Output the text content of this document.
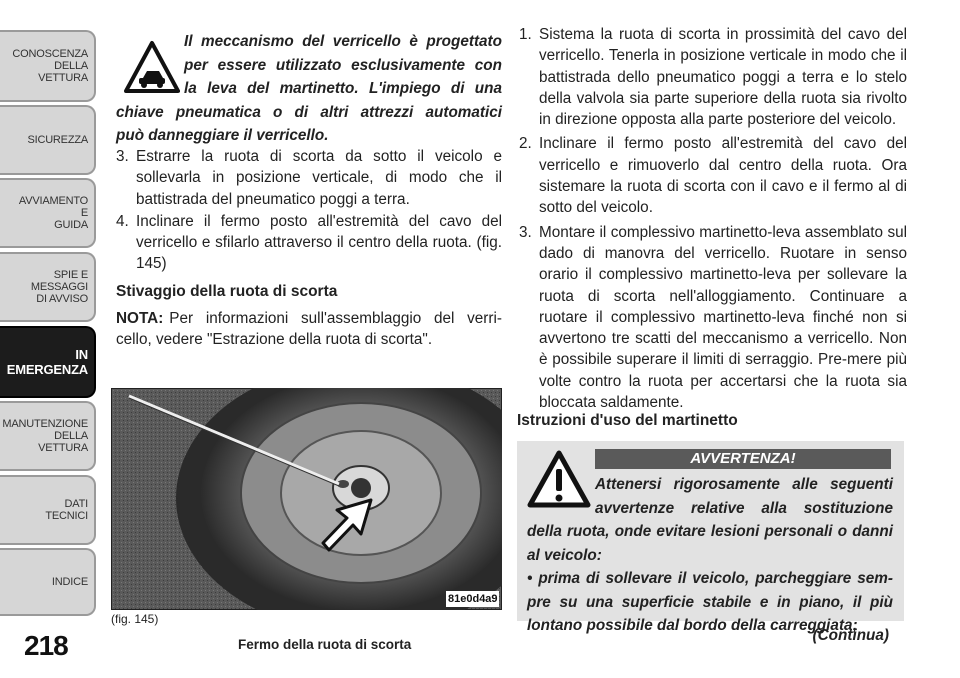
CONOSCENZA
DELLA
VETTURA
SICUREZZA
AVVIAMENTO
E
GUIDA
SPIE E
MESSAGGI
DI AVVISO
IN
EMERGENZA
MANUTENZIONE
DELLA
VETTURA
DATI
TECNICI
INDICE
218
Il meccanismo del verricello è progettato
per essere utilizzato esclusivamente con
la leva del martinetto. L'impiego di una
chiave pneumatica o di altri attrezzi automatici
può danneggiare il verricello.
3. Estrarre la ruota di scorta da sotto il veicolo e sollevarla in posizione verticale, di modo che il battistrada del pneumatico poggi a terra.
4. Inclinare il fermo posto all'estremità del cavo del verricello e sfilarlo attraverso il centro della ruota. (fig. 145)
Stivaggio della ruota di scorta
NOTA: Per informazioni sull'assemblaggio del verri-cello, vedere "Estrazione della ruota di scorta".
81e0d4a9
(fig. 145)
Fermo della ruota di scorta
1. Sistema la ruota di scorta in prossimità del cavo del verricello. Tenerla in posizione verticale in modo che il battistrada dello pneumatico poggi a terra e lo stelo della valvola sia parte superiore della ruota sia rivolto in direzione opposta alla parte posteriore del veicolo.
2. Inclinare il fermo posto all'estremità del cavo del verricello e rimuoverlo dal centro della ruota. Ora sistemare la ruota di scorta con il cavo e il fermo al di sotto del veicolo.
3. Montare il complessivo martinetto-leva assemblato sul dado di manovra del verricello. Ruotare in senso orario il complessivo martinetto-leva per sollevare la ruota di scorta nell'alloggiamento. Continuare a ruotare il complessivo martinetto-leva finché non si avvertono tre scatti del meccanismo a verricello. Non è possibile superare il limiti di serraggio. Pre-mere più volte contro la ruota per accertarsi che la ruota sia bloccata saldamente.
Istruzioni d'uso del martinetto
AVVERTENZA!
Attenersi rigorosamente alle seguenti
avvertenze relative alla sostituzione
della ruota, onde evitare lesioni personali o danni
al veicolo:
• prima di sollevare il veicolo, parcheggiare sem-
pre su una superficie stabile e in piano, il più
lontano possibile dal bordo della carreggiata;
(Continua)
